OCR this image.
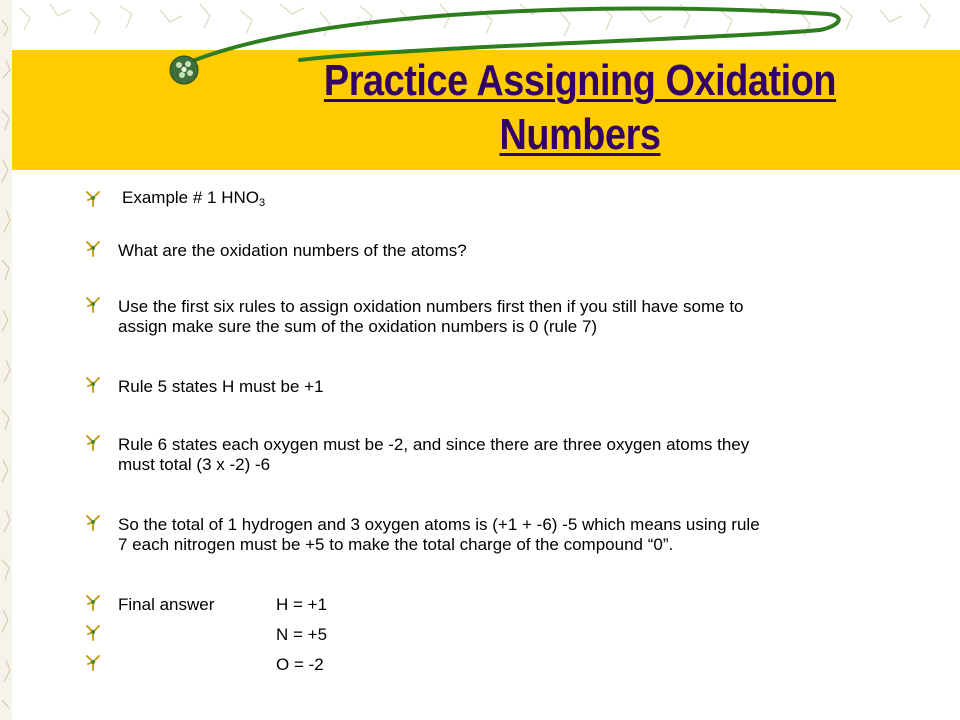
Practice Assigning Oxidation
Numbers
Example # 1 $HNO_3$
What are the oxidation numbers of the atoms?
Use the first six rules to assign oxidation numbers first then if you still have some to
assign make sure the sum of the oxidation numbers is 0 (rule 7)
Rule 5 states H must be +1
Rule 6 states each oxygen must be -2, and since there are three oxygen atoms they
must total (3 x -2) -6
So the total of 1 hydrogen and 3 oxygen atoms is (+1 + -6) -5 which means using rule
7 each nitrogen must be +5 to make the total charge of the compound “0”.
Final answer	H = +1
N = +5
O = -2
